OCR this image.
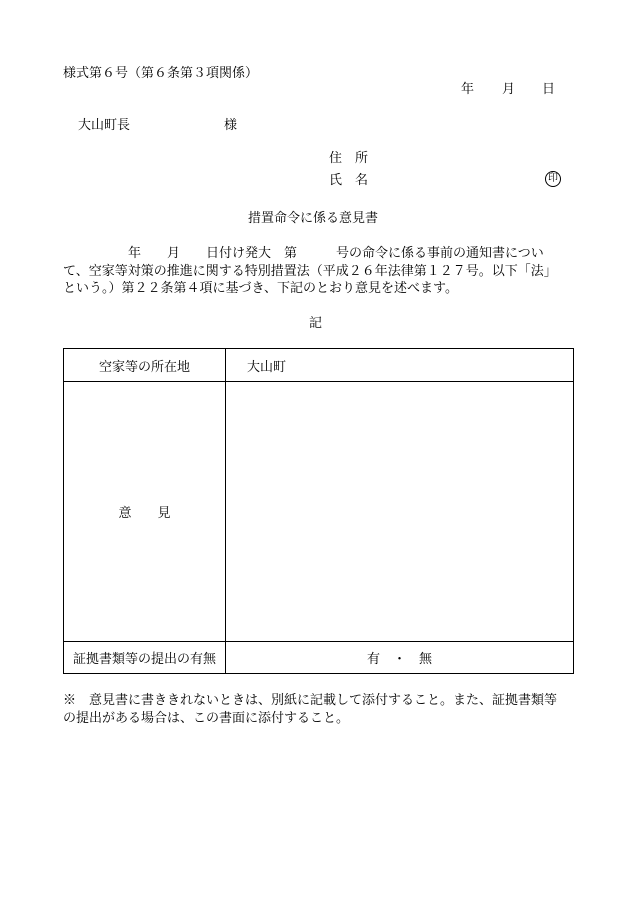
様式第６号（第６条第３項関係）
年 月 日
大山町長	様
住　所
氏　名	印
措置命令に係る意見書
　　　　　年　　月　　日付け発大　第　　　号の命令に係る事前の通知書につい
て、空家等対策の推進に関する特別措置法（平成２６年法律第１２７号。以下「法」
という。）第２２条第４項に基づき、下記のとおり意見を述べます。
記
空家等の所在地	大山町
意　　見
証拠書類等の提出の有無	有　・　無
※　意見書に書ききれないときは、別紙に記載して添付すること。また、証拠書類等
の提出がある場合は、この書面に添付すること。
